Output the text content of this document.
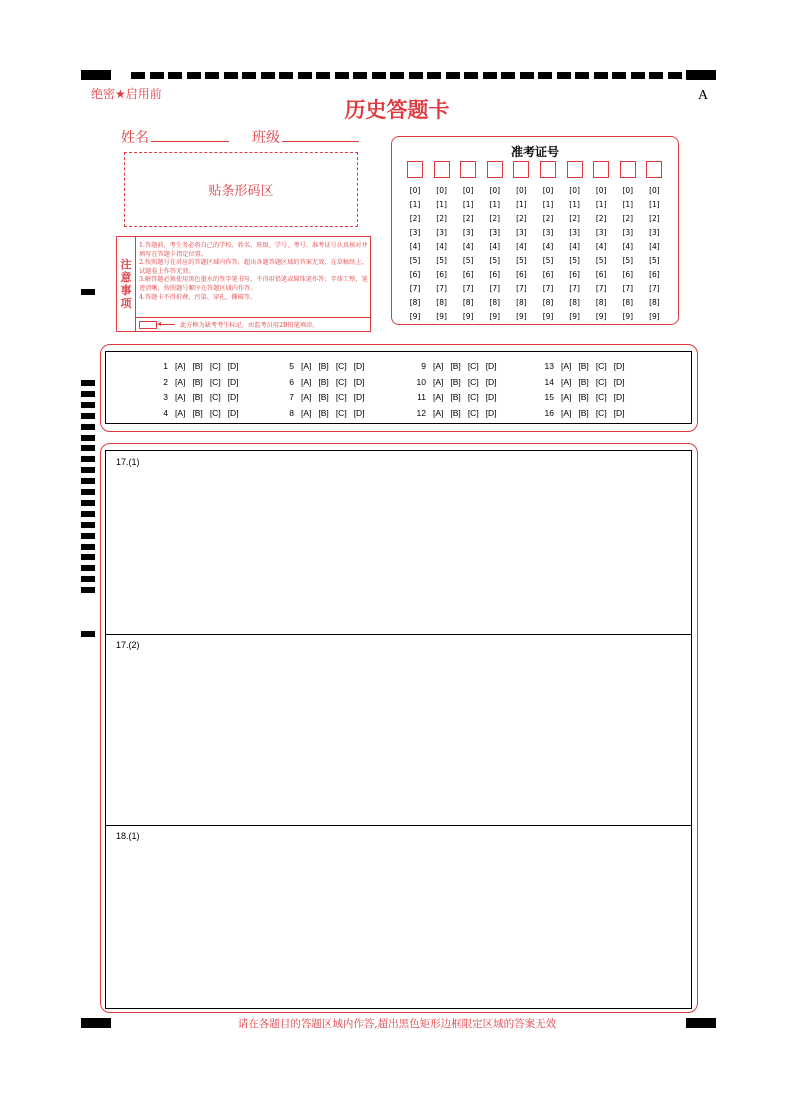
绝密★启用前
历史答题卡
A
姓名	班级
贴条形码区
注
意
事
项
1.答题前，考生务必将自己的学校、姓名、班级、学号、考号、准考证号认真核对并填写在答题卡指定位置。
2.按照题号在对应的答题区域内作答，超出各题答题区域的答案无效，在草稿纸上、试题卷上作答无效。
3.解答题必须使用黑色墨水的签字笔书写，不得用铅笔或圆珠笔作答；字体工整、笔迹清晰，按照题号顺序在答题区域内作答。
4.答题卡不得折叠、污染、穿孔、撕破等。
此方框为缺考考生标记，由监考员用2B铅笔填涂。
准考证号
[0]
[1]
[2]
[3]
[4]
[5]
[6]
[7]
[8]
[9]
[0]
[1]
[2]
[3]
[4]
[5]
[6]
[7]
[8]
[9]
[0]
[1]
[2]
[3]
[4]
[5]
[6]
[7]
[8]
[9]
[0]
[1]
[2]
[3]
[4]
[5]
[6]
[7]
[8]
[9]
[0]
[1]
[2]
[3]
[4]
[5]
[6]
[7]
[8]
[9]
[0]
[1]
[2]
[3]
[4]
[5]
[6]
[7]
[8]
[9]
[0]
[1]
[2]
[3]
[4]
[5]
[6]
[7]
[8]
[9]
[0]
[1]
[2]
[3]
[4]
[5]
[6]
[7]
[8]
[9]
[0]
[1]
[2]
[3]
[4]
[5]
[6]
[7]
[8]
[9]
[0]
[1]
[2]
[3]
[4]
[5]
[6]
[7]
[8]
[9]
1 [A] [B] [C] [D]
2 [A] [B] [C] [D]
3 [A] [B] [C] [D]
4 [A] [B] [C] [D]
5 [A] [B] [C] [D]
6 [A] [B] [C] [D]
7 [A] [B] [C] [D]
8 [A] [B] [C] [D]
9 [A] [B] [C] [D]
10 [A] [B] [C] [D]
11 [A] [B] [C] [D]
12 [A] [B] [C] [D]
13 [A] [B] [C] [D]
14 [A] [B] [C] [D]
15 [A] [B] [C] [D]
16 [A] [B] [C] [D]
17.(1)
17.(2)
18.(1)
请在各题目的答题区域内作答,超出黑色矩形边框限定区域的答案无效
